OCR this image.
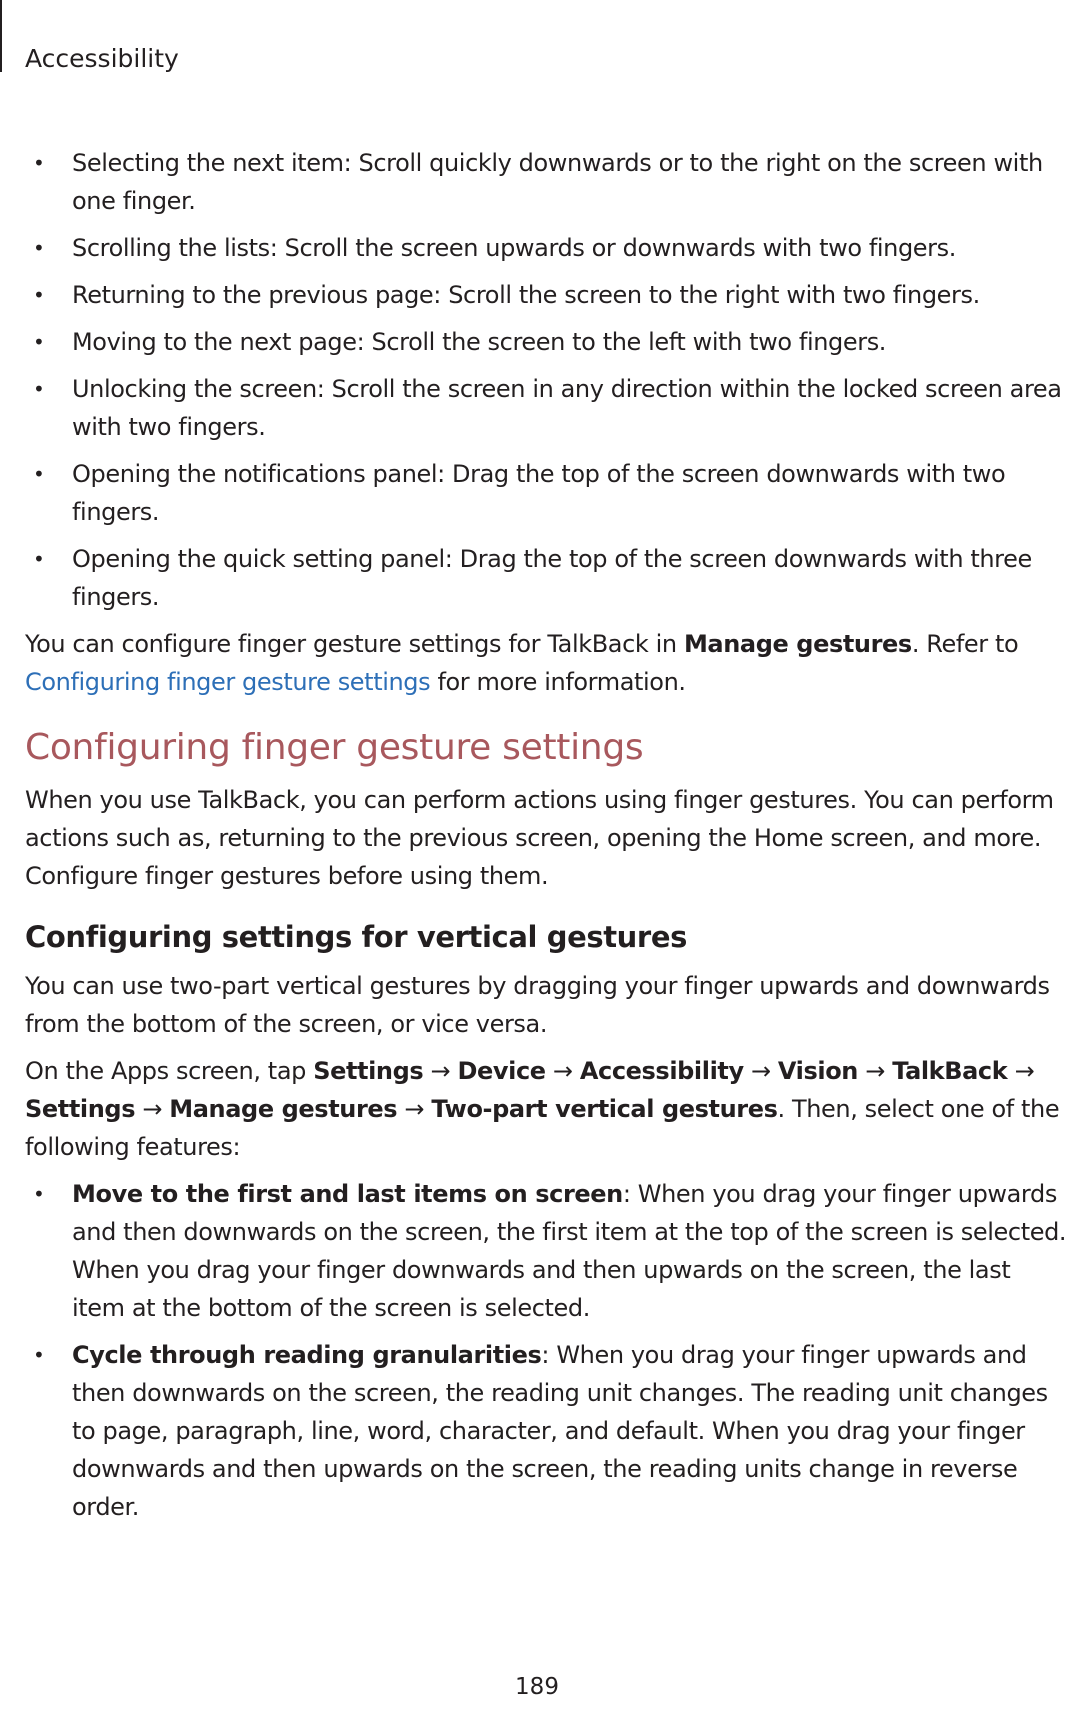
Accessibility
• Selecting the next item: Scroll quickly downwards or to the right on the screen with one finger.
• Scrolling the lists: Scroll the screen upwards or downwards with two fingers.
• Returning to the previous page: Scroll the screen to the right with two fingers.
• Moving to the next page: Scroll the screen to the left with two fingers.
• Unlocking the screen: Scroll the screen in any direction within the locked screen area with two fingers.
• Opening the notifications panel: Drag the top of the screen downwards with two fingers.
• Opening the quick setting panel: Drag the top of the screen downwards with three fingers.

You can configure finger gesture settings for TalkBack in Manage gestures. Refer to Configuring finger gesture settings for more information.

Configuring finger gesture settings

When you use TalkBack, you can perform actions using finger gestures. You can perform actions such as, returning to the previous screen, opening the Home screen, and more. Configure finger gestures before using them.

Configuring settings for vertical gestures

You can use two-part vertical gestures by dragging your finger upwards and downwards from the bottom of the screen, or vice versa.

On the Apps screen, tap Settings → Device → Accessibility → Vision → TalkBack → Settings → Manage gestures → Two-part vertical gestures. Then, select one of the following features:

• Move to the first and last items on screen: When you drag your finger upwards and then downwards on the screen, the first item at the top of the screen is selected. When you drag your finger downwards and then upwards on the screen, the last item at the bottom of the screen is selected.
• Cycle through reading granularities: When you drag your finger upwards and then downwards on the screen, the reading unit changes. The reading unit changes to page, paragraph, line, word, character, and default. When you drag your finger downwards and then upwards on the screen, the reading units change in reverse order.
189
